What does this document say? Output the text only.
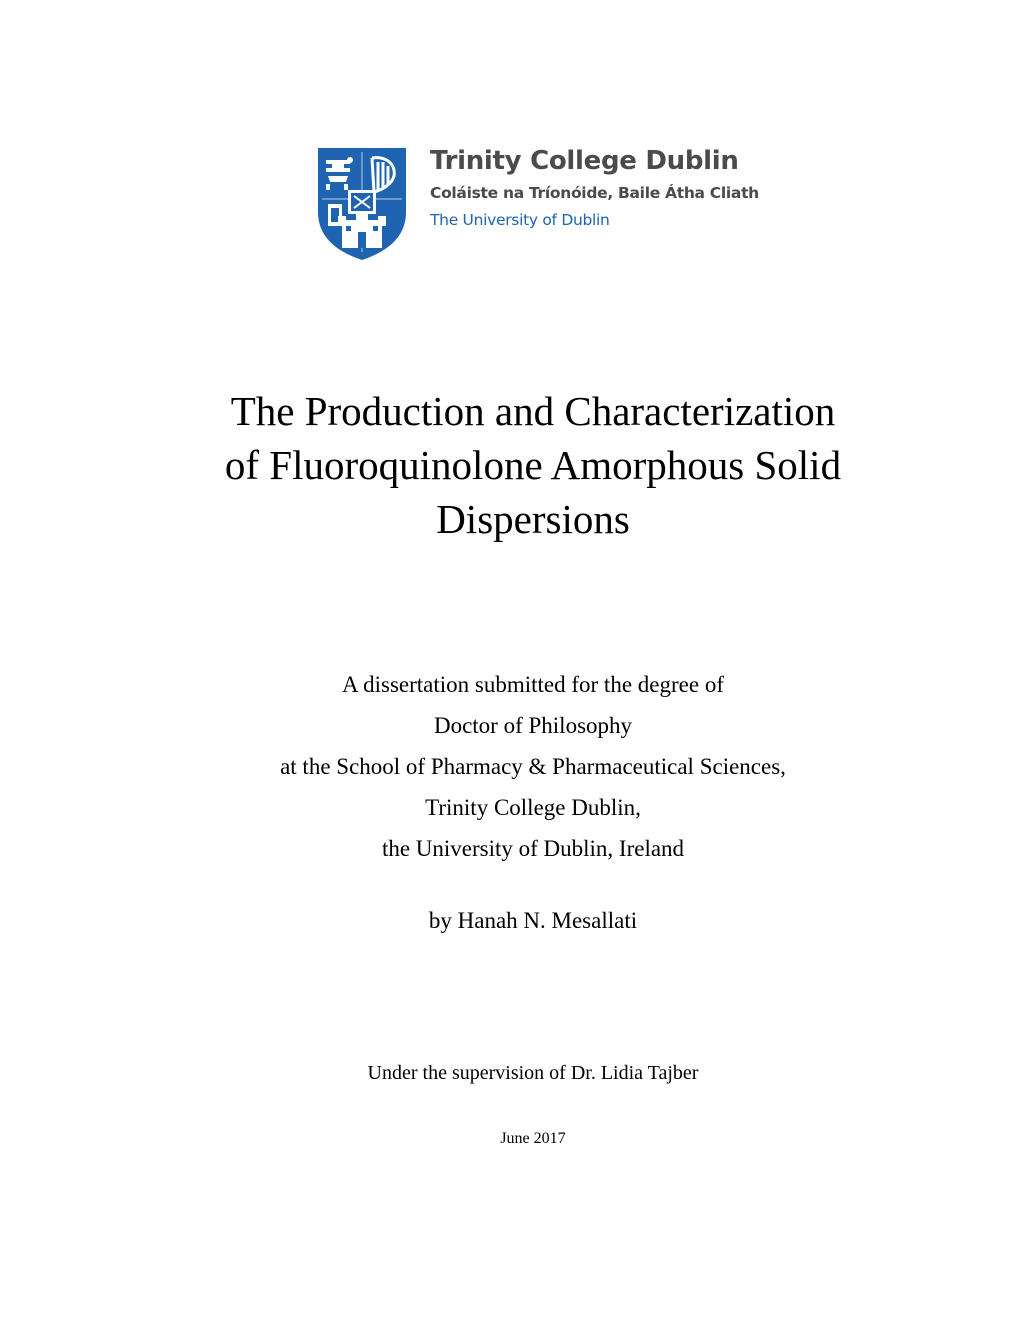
Trinity College Dublin
Coláiste na Tríonóide, Baile Átha Cliath
The University of Dublin
The Production and Characterization
of Fluoroquinolone Amorphous Solid
Dispersions
A dissertation submitted for the degree of
Doctor of Philosophy
at the School of Pharmacy & Pharmaceutical Sciences,
Trinity College Dublin,
the University of Dublin, Ireland
by Hanah N. Mesallati
Under the supervision of Dr. Lidia Tajber
June 2017
